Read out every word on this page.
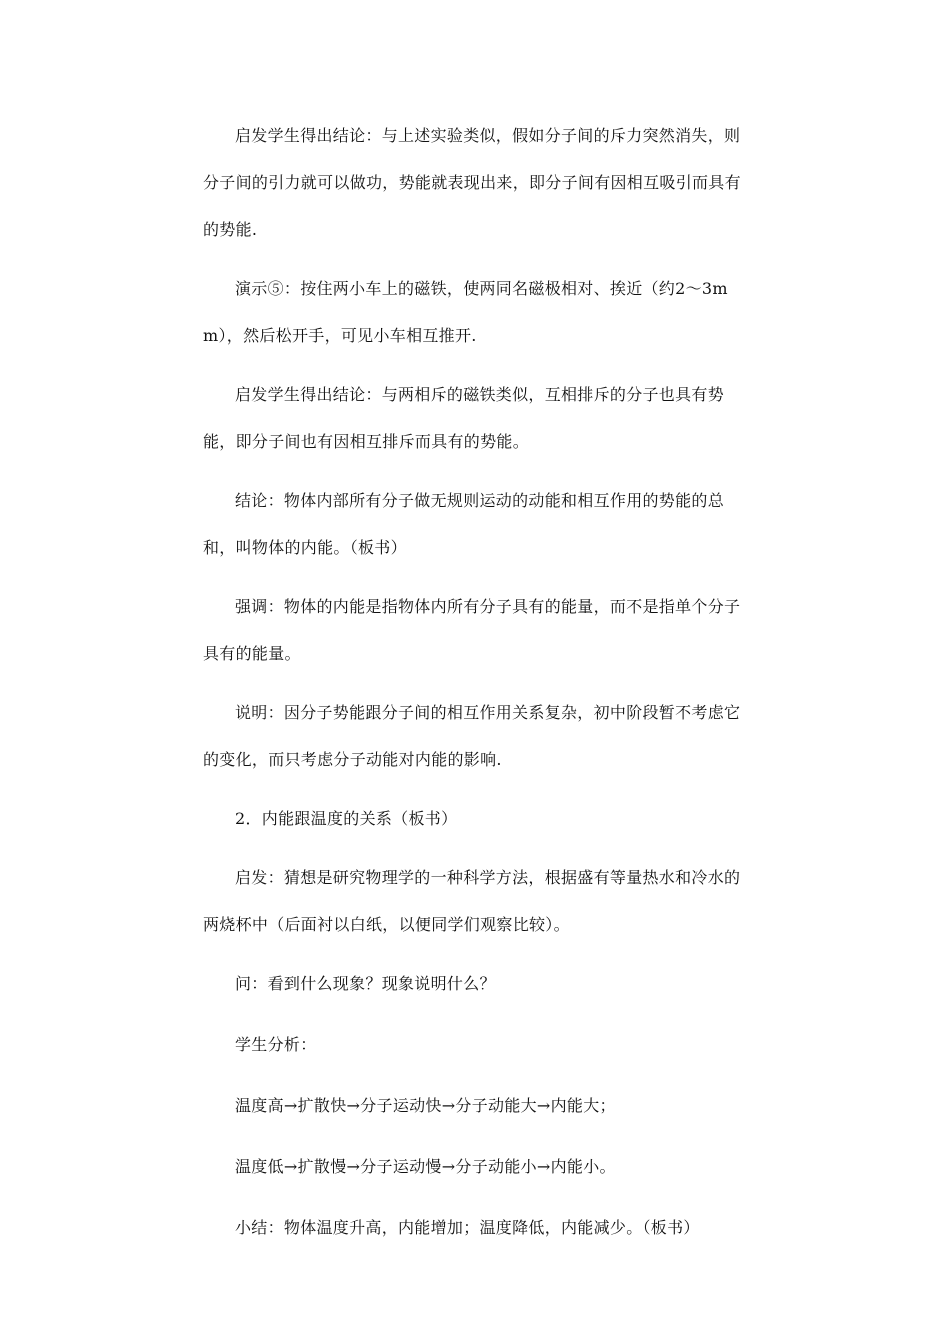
启发学生得出结论：与上述实验类似，假如分子间的斥力突然消失，则分子间的引力就可以做功，势能就表现出来，即分子间有因相互吸引而具有的势能.

演示⑤：按住两小车上的磁铁，使两同名磁极相对、挨近（约2～3mm），然后松开手，可见小车相互推开.

启发学生得出结论：与两相斥的磁铁类似，互相排斥的分子也具有势能，即分子间也有因相互排斥而具有的势能。

结论：物体内部所有分子做无规则运动的动能和相互作用的势能的总和，叫物体的内能。（板书）

强调：物体的内能是指物体内所有分子具有的能量，而不是指单个分子具有的能量。

说明：因分子势能跟分子间的相互作用关系复杂，初中阶段暂不考虑它的变化，而只考虑分子动能对内能的影响.

2．内能跟温度的关系（板书）

启发：猜想是研究物理学的一种科学方法，根据盛有等量热水和冷水的两烧杯中（后面衬以白纸，以便同学们观察比较）。

问：看到什么现象？现象说明什么？

学生分析：

温度高→扩散快→分子运动快→分子动能大→内能大；

温度低→扩散慢→分子运动慢→分子动能小→内能小。

小结：物体温度升高，内能增加；温度降低，内能减少。（板书）
